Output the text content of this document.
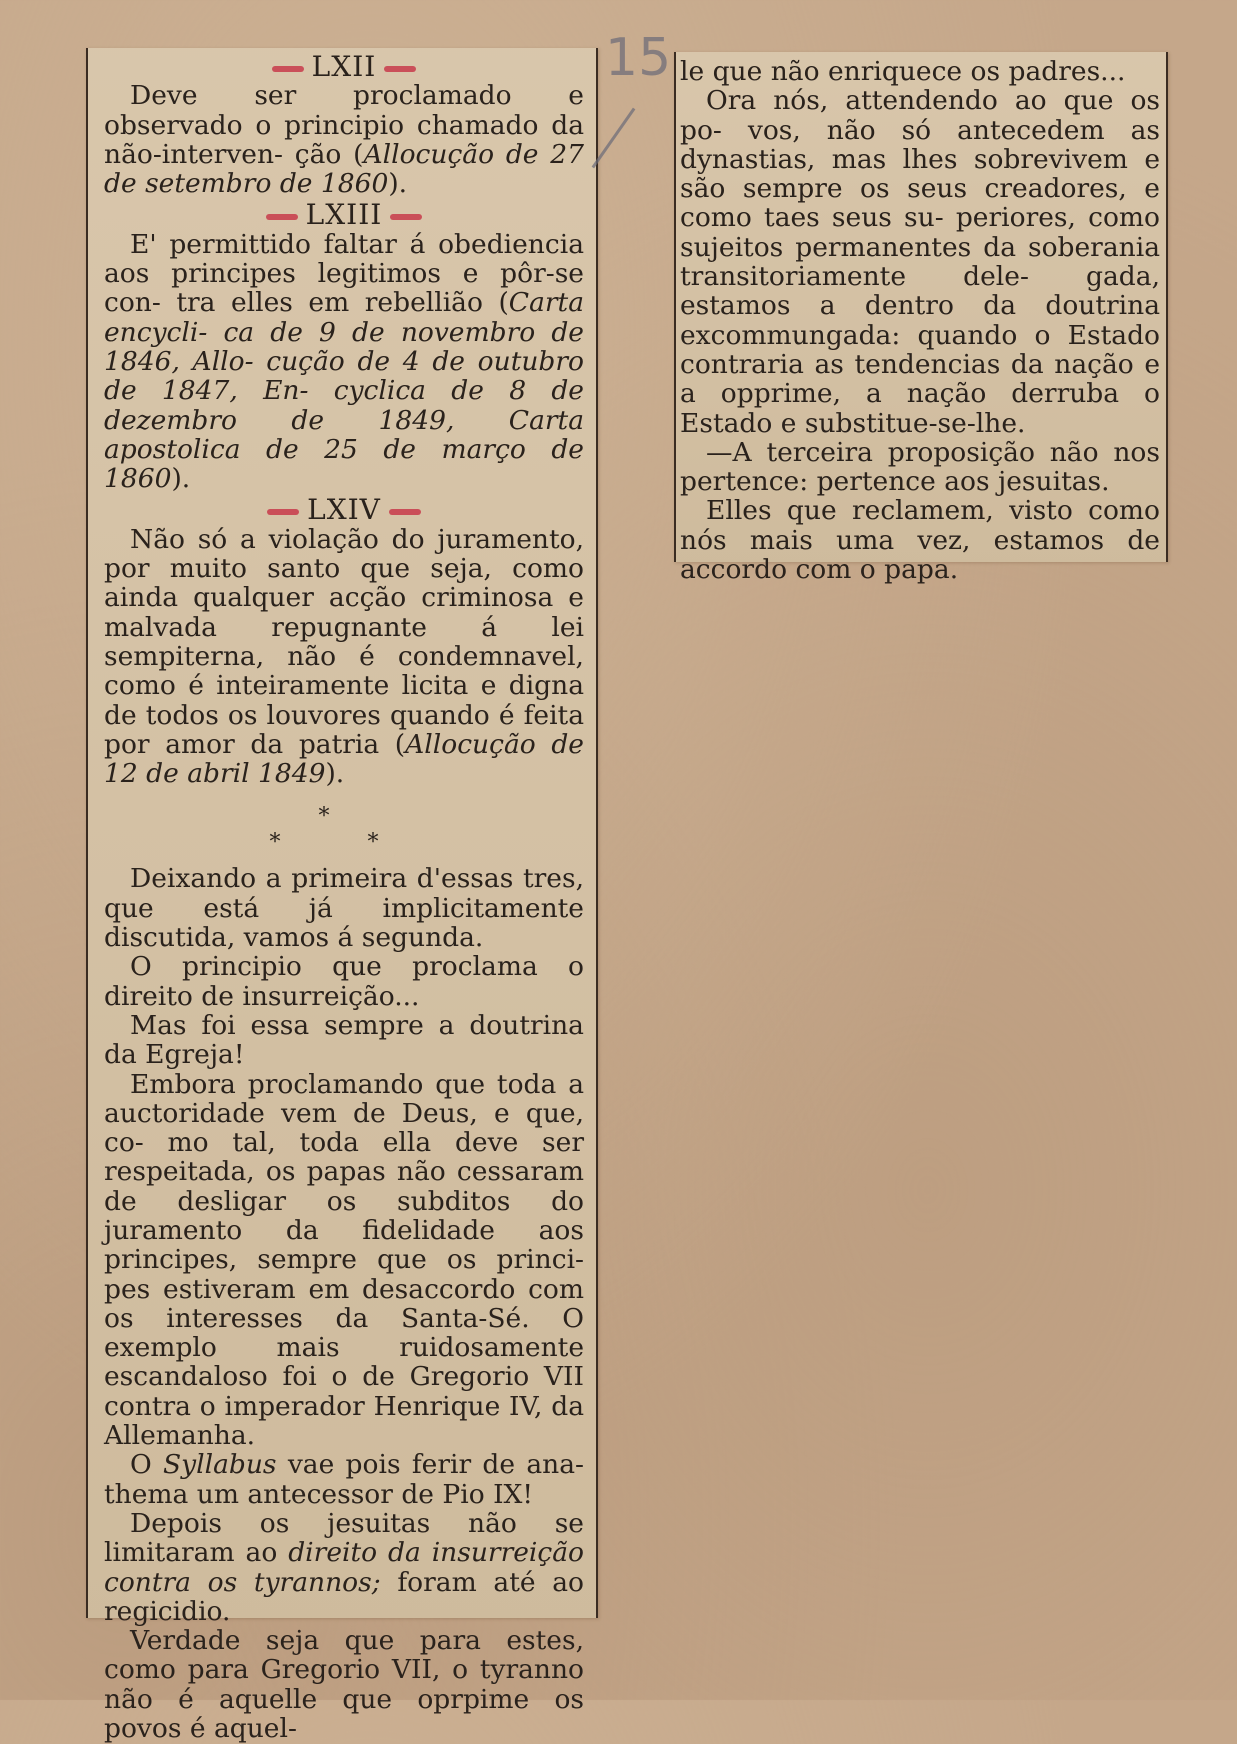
15

LXII

Deve ser proclamado e observado o principio chamado da não-interven- ção (Allocução de 27 de setembro de 1860).

LXIII

E' permittido faltar á obediencia aos principes legitimos e pôr-se con- tra elles em rebellião (Carta encycli- ca de 9 de novembro de 1846, Allo- cução de 4 de outubro de 1847, En- cyclica de 8 de dezembro de 1849, Carta apostolica de 25 de março de 1860).

LXIV

Não só a violação do juramento, por muito santo que seja, como ainda qualquer acção criminosa e malvada repugnante á lei sempiterna, não é condemnavel, como é inteiramente licita e digna de todos os louvores quando é feita por amor da patria (Allocução de 12 de abril 1849).

*

* *

Deixando a primeira d'essas tres, que está já implicitamente discutida, vamos á segunda.

O principio que proclama o direito de insurreição...

Mas foi essa sempre a doutrina da Egreja!

Embora proclamando que toda a auctoridade vem de Deus, e que, co- mo tal, toda ella deve ser respeitada, os papas não cessaram de desligar os subditos do juramento da fidelidade aos principes, sempre que os princi- pes estiveram em desaccordo com os interesses da Santa-Sé. O exemplo mais ruidosamente escandaloso foi o de Gregorio VII contra o imperador Henrique IV, da Allemanha.

O Syllabus vae pois ferir de ana- thema um antecessor de Pio IX!

Depois os jesuitas não se limitaram ao direito da insurreição contra os tyrannos; foram até ao regicidio.

Verdade seja que para estes, como para Gregorio VII, o tyranno não é aquelle que oprpime os povos é aquel-

le que não enriquece os padres...

Ora nós, attendendo ao que os po- vos, não só antecedem as dynastias, mas lhes sobrevivem e são sempre os seus creadores, e como taes seus su- periores, como sujeitos permanentes da soberania transitoriamente dele- gada, estamos a dentro da doutrina excommungada: quando o Estado contraria as tendencias da nação e a opprime, a nação derruba o Estado e substitue-se-lhe.

—A terceira proposição não nos pertence: pertence aos jesuitas.

Elles que reclamem, visto como nós mais uma vez, estamos de accordo com o papa.
